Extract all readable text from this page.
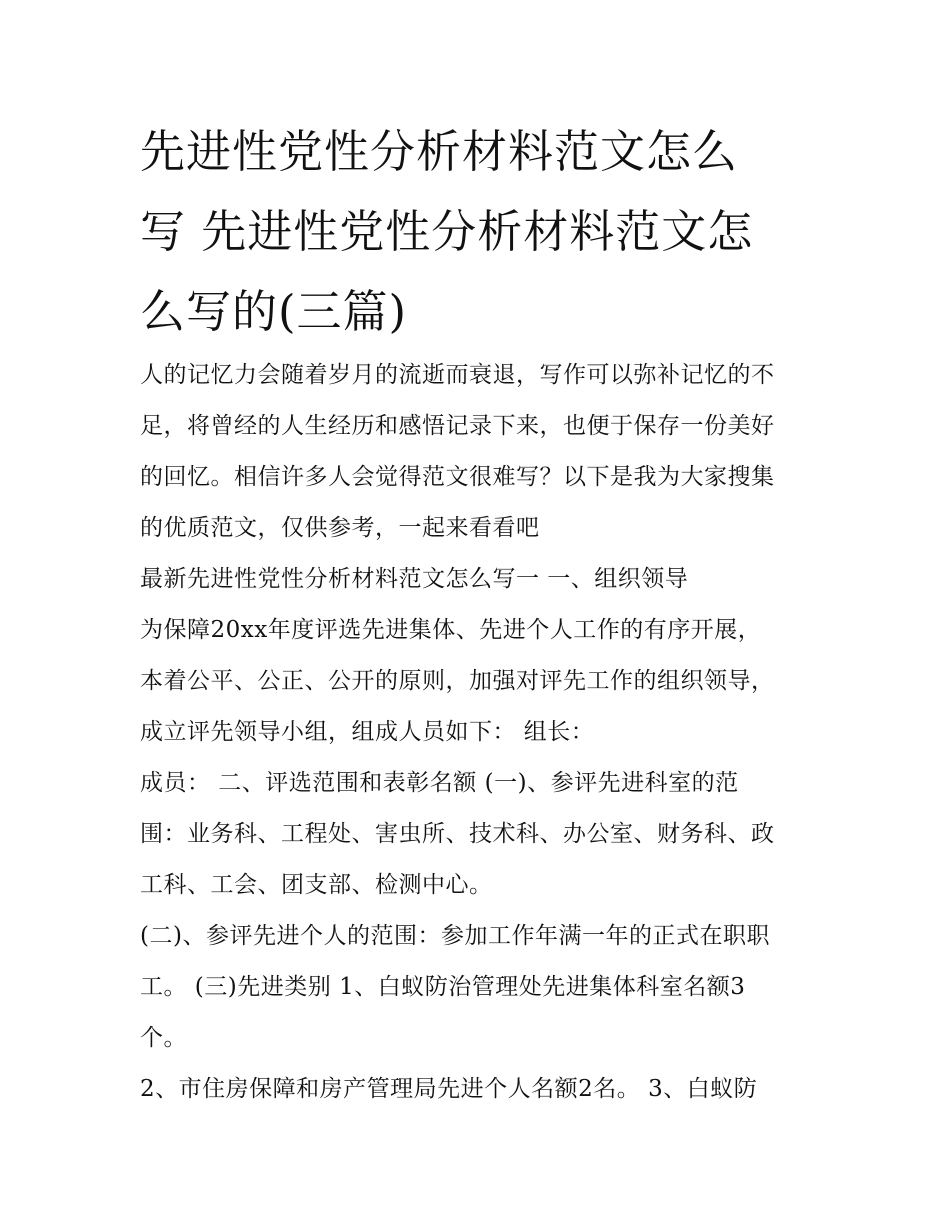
先进性党性分析材料范文怎么
写 先进性党性分析材料范文怎
么写的(三篇)

人的记忆力会随着岁月的流逝而衰退，写作可以弥补记忆的不
足，将曾经的人生经历和感悟记录下来，也便于保存一份美好
的回忆。相信许多人会觉得范文很难写？以下是我为大家搜集
的优质范文，仅供参考，一起来看看吧

最新先进性党性分析材料范文怎么写一 一、组织领导

为保障20xx年度评选先进集体、先进个人工作的有序开展，
本着公平、公正、公开的原则，加强对评先工作的组织领导，
成立评先领导小组，组成人员如下： 组长：

成员： 二、评选范围和表彰名额 (一)、参评先进科室的范
围：业务科、工程处、害虫所、技术科、办公室、财务科、政
工科、工会、团支部、检测中心。

(二)、参评先进个人的范围：参加工作年满一年的正式在职职
工。 (三)先进类别 1、白蚁防治管理处先进集体科室名额3
个。

2、市住房保障和房产管理局先进个人名额2名。 3、白蚁防
